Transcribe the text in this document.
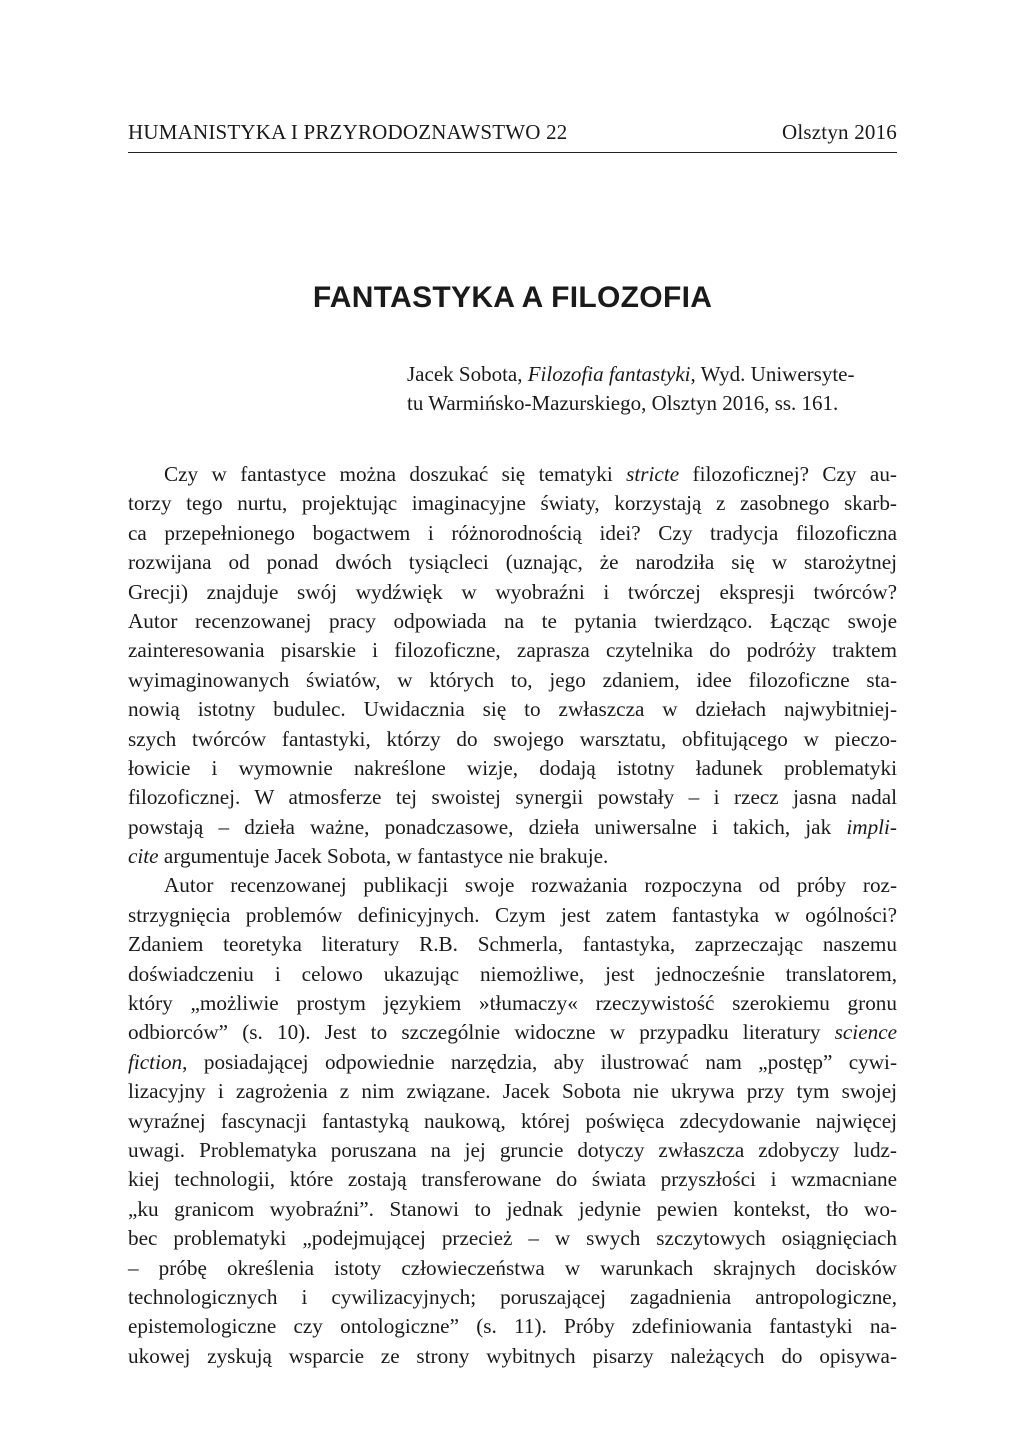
HUMANISTYKA I PRZYRODOZNAWSTWO 22	Olsztyn 2016
FANTASTYKA A FILOZOFIA
Jacek Sobota, Filozofia fantastyki, Wyd. Uniwersyte-
tu Warmińsko-Mazurskiego, Olsztyn 2016, ss. 161.
Czy w fantastyce można doszukać się tematyki stricte filozoficznej? Czy au-
torzy tego nurtu, projektując imaginacyjne światy, korzystają z zasobnego skarb-
ca przepełnionego bogactwem i różnorodnością idei? Czy tradycja filozoficzna
rozwijana od ponad dwóch tysiącleci (uznając, że narodziła się w starożytnej
Grecji) znajduje swój wydźwięk w wyobraźni i twórczej ekspresji twórców?
Autor recenzowanej pracy odpowiada na te pytania twierdząco. Łącząc swoje
zainteresowania pisarskie i filozoficzne, zaprasza czytelnika do podróży traktem
wyimaginowanych światów, w których to, jego zdaniem, idee filozoficzne sta-
nowią istotny budulec. Uwidacznia się to zwłaszcza w dziełach najwybitniej-
szych twórców fantastyki, którzy do swojego warsztatu, obfitującego w pieczo-
łowicie i wymownie nakreślone wizje, dodają istotny ładunek problematyki
filozoficznej. W atmosferze tej swoistej synergii powstały – i rzecz jasna nadal
powstają – dzieła ważne, ponadczasowe, dzieła uniwersalne i takich, jak impli-
cite argumentuje Jacek Sobota, w fantastyce nie brakuje.
Autor recenzowanej publikacji swoje rozważania rozpoczyna od próby roz-
strzygnięcia problemów definicyjnych. Czym jest zatem fantastyka w ogólności?
Zdaniem teoretyka literatury R.B. Schmerla, fantastyka, zaprzeczając naszemu
doświadczeniu i celowo ukazując niemożliwe, jest jednocześnie translatorem,
który „możliwie prostym językiem »tłumaczy« rzeczywistość szerokiemu gronu
odbiorców” (s. 10). Jest to szczególnie widoczne w przypadku literatury science
fiction, posiadającej odpowiednie narzędzia, aby ilustrować nam „postęp” cywi-
lizacyjny i zagrożenia z nim związane. Jacek Sobota nie ukrywa przy tym swojej
wyraźnej fascynacji fantastyką naukową, której poświęca zdecydowanie najwięcej
uwagi. Problematyka poruszana na jej gruncie dotyczy zwłaszcza zdobyczy ludz-
kiej technologii, które zostają transferowane do świata przyszłości i wzmacniane
„ku granicom wyobraźni”. Stanowi to jednak jedynie pewien kontekst, tło wo-
bec problematyki „podejmującej przecież – w swych szczytowych osiągnięciach
– próbę określenia istoty człowieczeństwa w warunkach skrajnych docisków
technologicznych i cywilizacyjnych; poruszającej zagadnienia antropologiczne,
epistemologiczne czy ontologiczne” (s. 11). Próby zdefiniowania fantastyki na-
ukowej zyskują wsparcie ze strony wybitnych pisarzy należących do opisywa-
